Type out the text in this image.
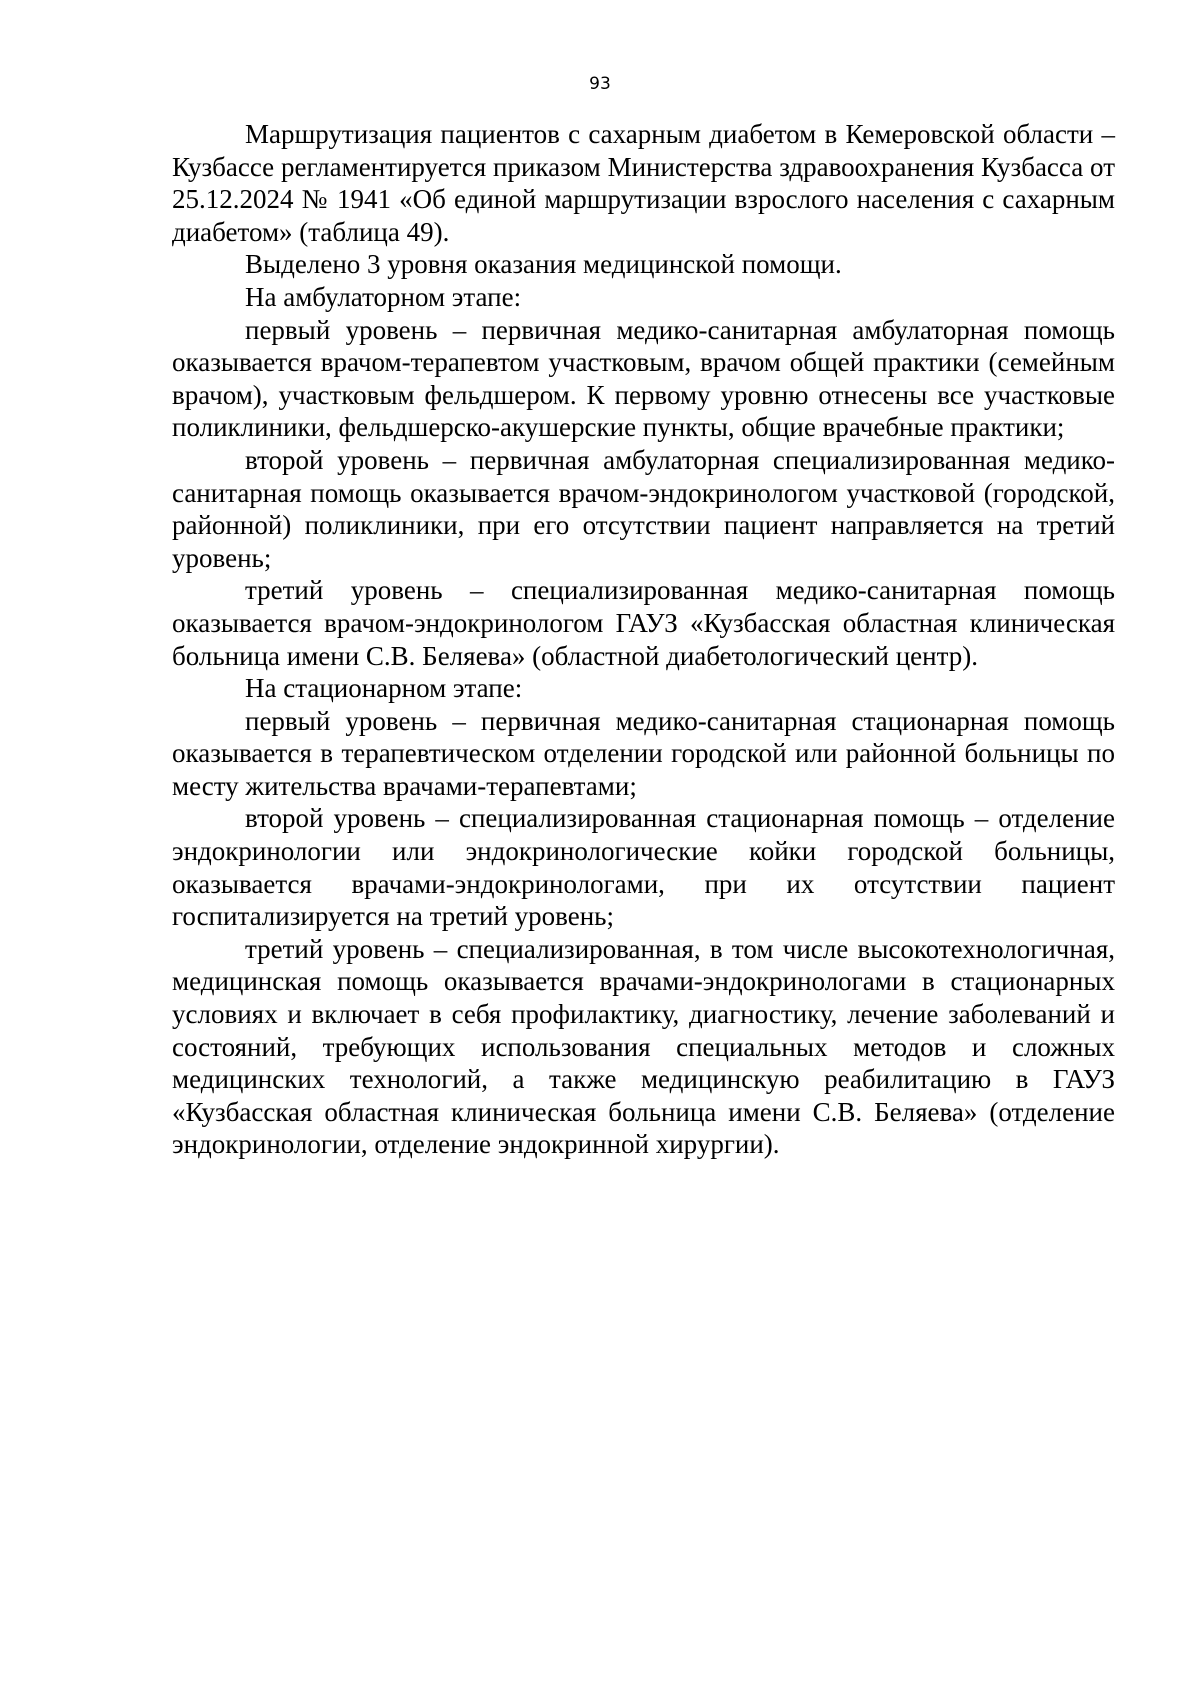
93

Маршрутизация пациентов с сахарным диабетом в Кемеровской области – Кузбассе регламентируется приказом Министерства здравоохранения Кузбасса от 25.12.2024 № 1941 «Об единой маршрутизации взрослого населения с сахарным диабетом» (таблица 49).

Выделено 3 уровня оказания медицинской помощи.

На амбулаторном этапе:

первый уровень – первичная медико-санитарная амбулаторная помощь оказывается врачом-терапевтом участковым, врачом общей практики (семейным врачом), участковым фельдшером. К первому уровню отнесены все участковые поликлиники, фельдшерско-акушерские пункты, общие врачебные практики;

второй уровень – первичная амбулаторная специализированная медико-санитарная помощь оказывается врачом-эндокринологом участковой (городской, районной) поликлиники, при его отсутствии пациент направляется на третий уровень;

третий уровень – специализированная медико-санитарная помощь оказывается врачом-эндокринологом ГАУЗ «Кузбасская областная клиническая больница имени С.В. Беляева» (областной диабетологический центр).

На стационарном этапе:

первый уровень – первичная медико-санитарная стационарная помощь оказывается в терапевтическом отделении городской или районной больницы по месту жительства врачами-терапевтами;

второй уровень – специализированная стационарная помощь – отделение эндокринологии или эндокринологические койки городской больницы, оказывается врачами-эндокринологами, при их отсутствии пациент госпитализируется на третий уровень;

третий уровень – специализированная, в том числе высокотехнологичная, медицинская помощь оказывается врачами-эндокринологами в стационарных условиях и включает в себя профилактику, диагностику, лечение заболеваний и состояний, требующих использования специальных методов и сложных медицинских технологий, а также медицинскую реабилитацию в ГАУЗ «Кузбасская областная клиническая больница имени С.В. Беляева» (отделение эндокринологии, отделение эндокринной хирургии).
